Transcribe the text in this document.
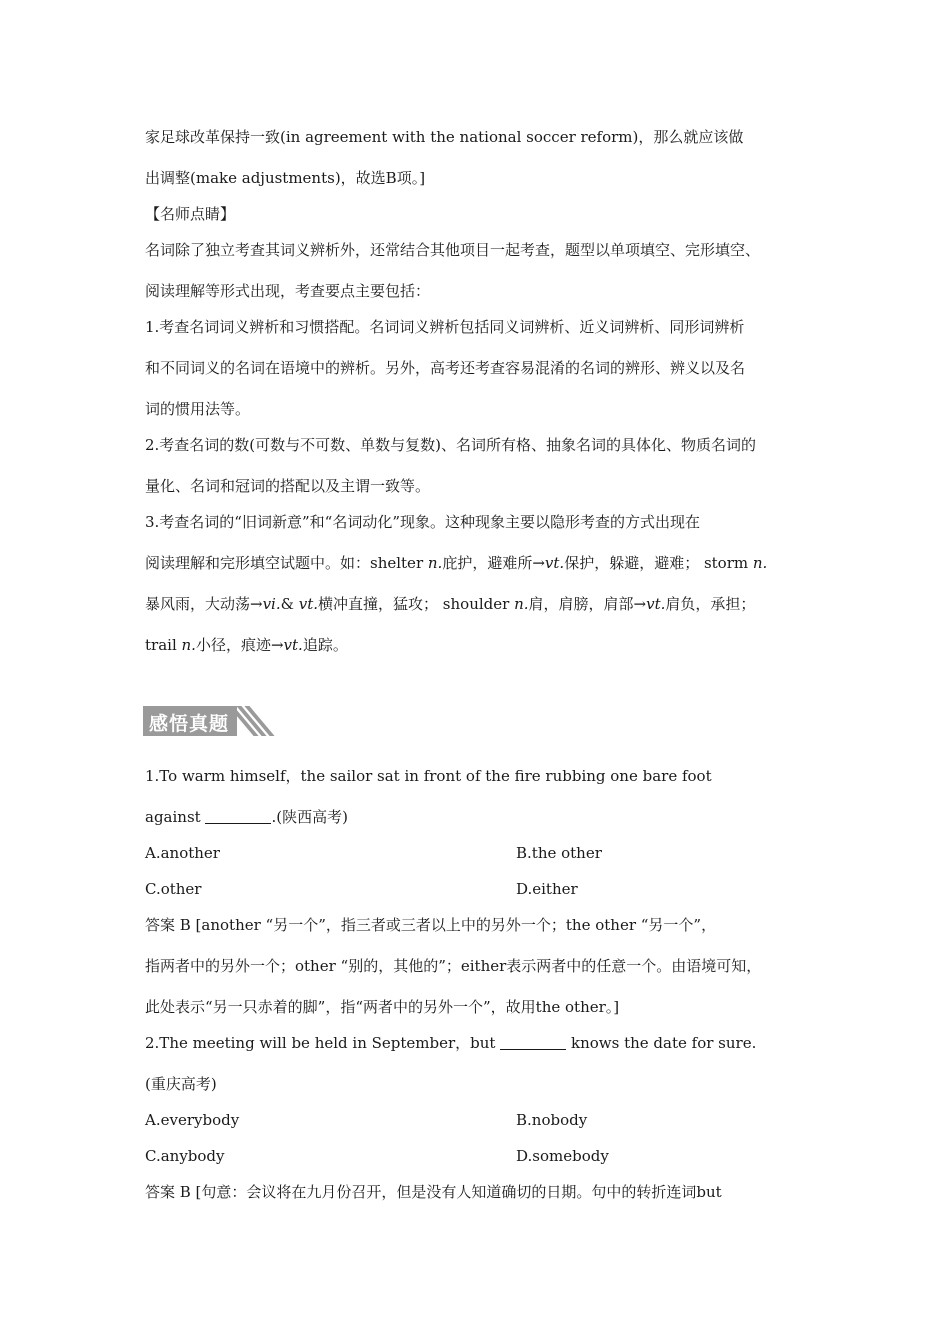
家足球改革保持一致(in agreement with the national soccer reform)，那么就应该做
出调整(make adjustments)，故选B项。]
【名师点睛】
名词除了独立考查其词义辨析外，还常结合其他项目一起考查，题型以单项填空、完形填空、
阅读理解等形式出现，考查要点主要包括：
1.考查名词词义辨析和习惯搭配。名词词义辨析包括同义词辨析、近义词辨析、同形词辨析
和不同词义的名词在语境中的辨析。另外，高考还考查容易混淆的名词的辨形、辨义以及名
词的惯用法等。
2.考查名词的数(可数与不可数、单数与复数)、名词所有格、抽象名词的具体化、物质名词的
量化、名词和冠词的搭配以及主谓一致等。
3.考查名词的“旧词新意”和“名词动化”现象。这种现象主要以隐形考查的方式出现在
阅读理解和完形填空试题中。如：shelter n.庇护，避难所→vt.保护，躲避，避难； storm n.
暴风雨，大动荡→vi.& vt.横冲直撞，猛攻； shoulder n.肩，肩膀，肩部→vt.肩负，承担；
trail n.小径，痕迹→vt.追踪。
感悟真题
1.To warm himself，the sailor sat in front of the fire rubbing one bare foot
against	.(陕西高考)
A.another	B.the other
C.other	D.either
答案 B [another “另一个”，指三者或三者以上中的另外一个；the other “另一个”，
指两者中的另外一个；other “别的，其他的”；either表示两者中的任意一个。由语境可知，
此处表示“另一只赤着的脚”，指“两者中的另外一个”，故用the other。]
2.The meeting will be held in September，but	knows the date for sure.
(重庆高考)
A.everybody	B.nobody
C.anybody	D.somebody
答案 B [句意：会议将在九月份召开，但是没有人知道确切的日期。句中的转折连词but
